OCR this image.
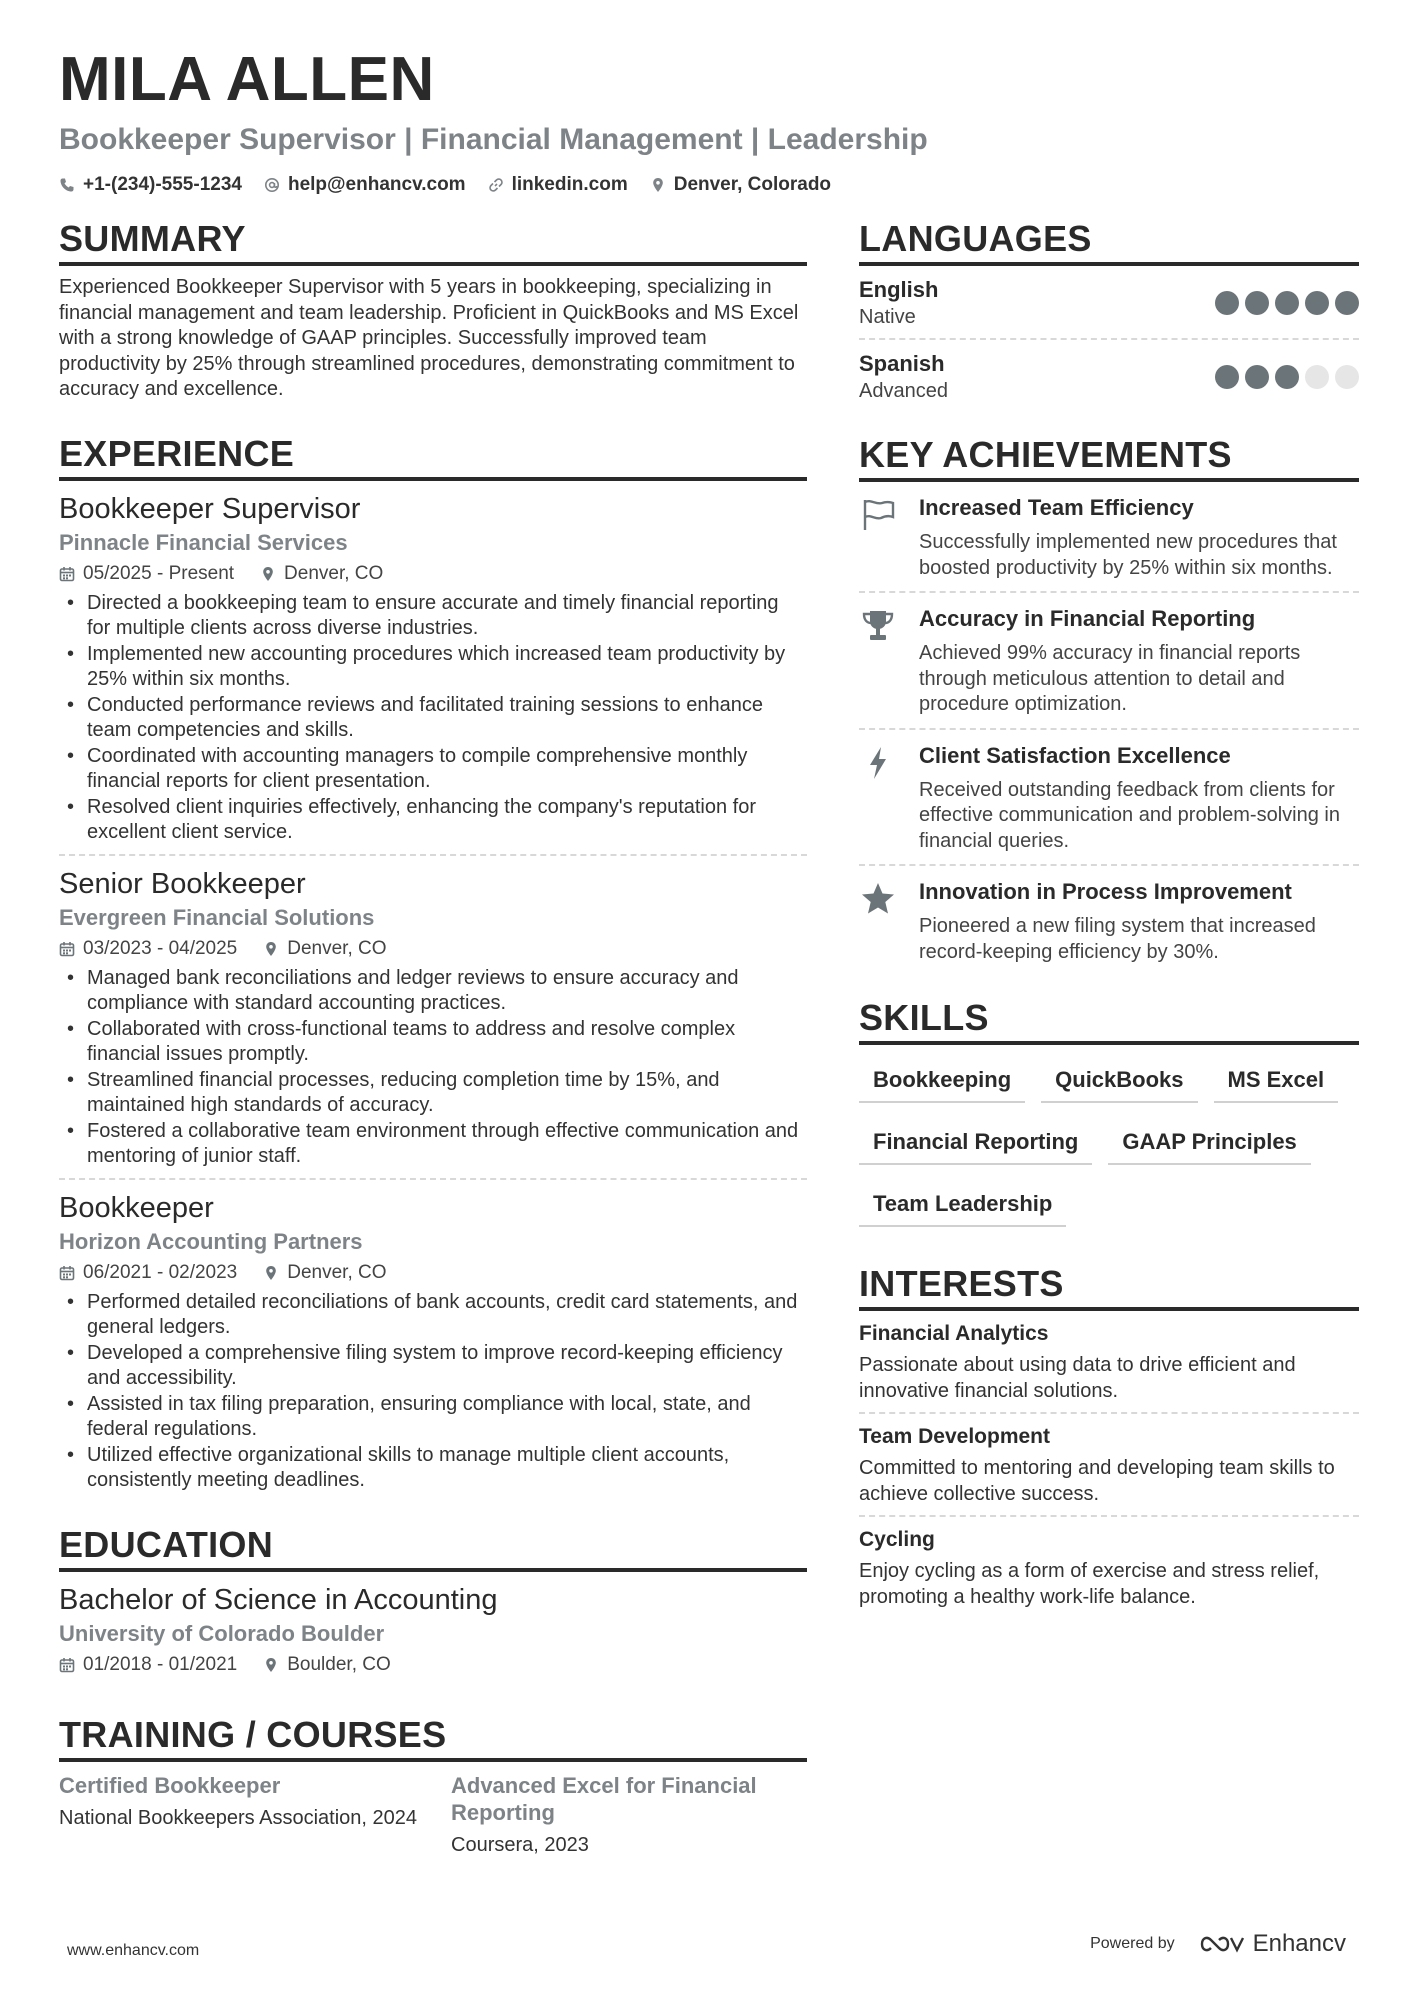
MILA ALLEN
Bookkeeper Supervisor | Financial Management | Leadership
+1-(234)-555-1234 help@enhancv.com linkedin.com Denver, Colorado
SUMMARY
Experienced Bookkeeper Supervisor with 5 years in bookkeeping, specializing in financial management and team leadership. Proficient in QuickBooks and MS Excel with a strong knowledge of GAAP principles. Successfully improved team productivity by 25% through streamlined procedures, demonstrating commitment to accuracy and excellence.
EXPERIENCE
Bookkeeper Supervisor
Pinnacle Financial Services
05/2025 - Present	Denver, CO
• Directed a bookkeeping team to ensure accurate and timely financial reporting for multiple clients across diverse industries.
• Implemented new accounting procedures which increased team productivity by 25% within six months.
• Conducted performance reviews and facilitated training sessions to enhance team competencies and skills.
• Coordinated with accounting managers to compile comprehensive monthly financial reports for client presentation.
• Resolved client inquiries effectively, enhancing the company's reputation for excellent client service.
Senior Bookkeeper
Evergreen Financial Solutions
03/2023 - 04/2025	Denver, CO
• Managed bank reconciliations and ledger reviews to ensure accuracy and compliance with standard accounting practices.
• Collaborated with cross-functional teams to address and resolve complex financial issues promptly.
• Streamlined financial processes, reducing completion time by 15%, and maintained high standards of accuracy.
• Fostered a collaborative team environment through effective communication and mentoring of junior staff.
Bookkeeper
Horizon Accounting Partners
06/2021 - 02/2023	Denver, CO
• Performed detailed reconciliations of bank accounts, credit card statements, and general ledgers.
• Developed a comprehensive filing system to improve record-keeping efficiency and accessibility.
• Assisted in tax filing preparation, ensuring compliance with local, state, and federal regulations.
• Utilized effective organizational skills to manage multiple client accounts, consistently meeting deadlines.
EDUCATION
Bachelor of Science in Accounting
University of Colorado Boulder
01/2018 - 01/2021	Boulder, CO
TRAINING / COURSES
Certified Bookkeeper
National Bookkeepers Association, 2024
Advanced Excel for Financial Reporting
Coursera, 2023
LANGUAGES
English
Native
Spanish
Advanced
KEY ACHIEVEMENTS
Increased Team Efficiency
Successfully implemented new procedures that boosted productivity by 25% within six months.
Accuracy in Financial Reporting
Achieved 99% accuracy in financial reports through meticulous attention to detail and procedure optimization.
Client Satisfaction Excellence
Received outstanding feedback from clients for effective communication and problem-solving in financial queries.
Innovation in Process Improvement
Pioneered a new filing system that increased record-keeping efficiency by 30%.
SKILLS
Bookkeeping	QuickBooks	MS Excel
Financial Reporting	GAAP Principles
Team Leadership
INTERESTS
Financial Analytics
Passionate about using data to drive efficient and innovative financial solutions.
Team Development
Committed to mentoring and developing team skills to achieve collective success.
Cycling
Enjoy cycling as a form of exercise and stress relief, promoting a healthy work-life balance.
www.enhancv.com	Powered by	Enhancv
